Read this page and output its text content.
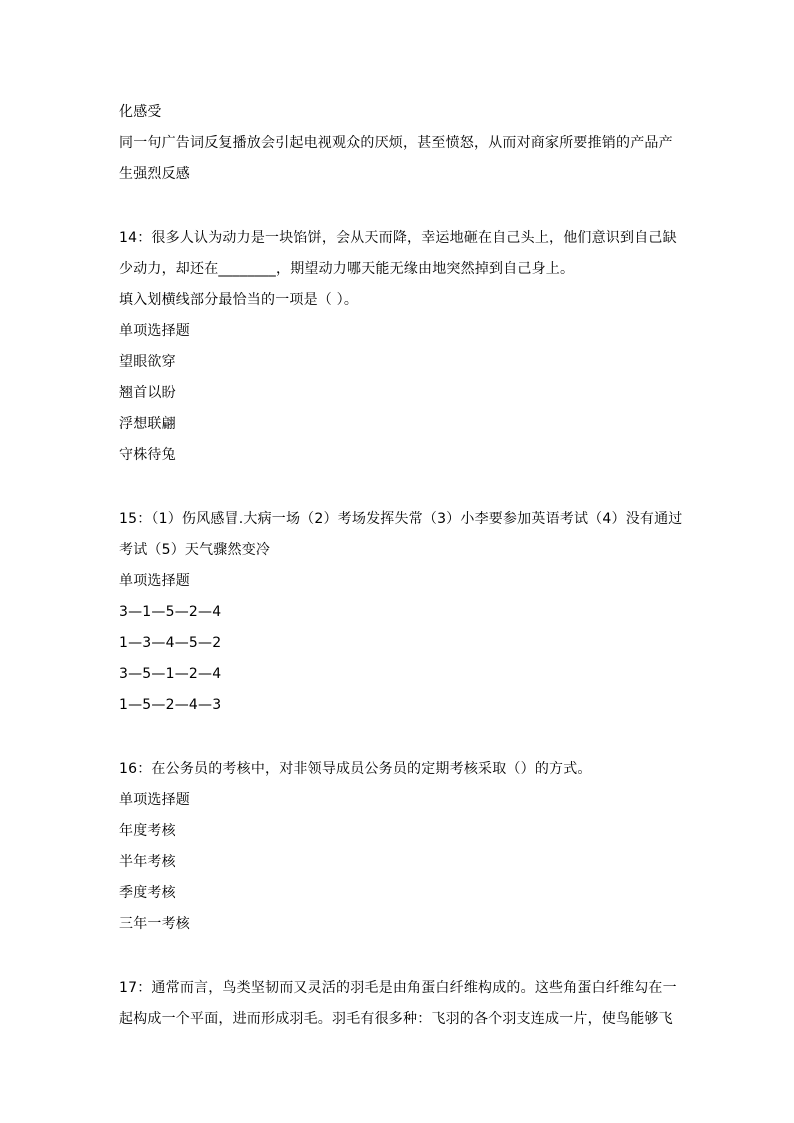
化感受
同一句广告词反复播放会引起电视观众的厌烦，甚至愤怒，从而对商家所要推销的产品产
生强烈反感
14：很多人认为动力是一块馅饼，会从天而降，幸运地砸在自己头上，他们意识到自己缺
少动力，却还在________，期望动力哪天能无缘由地突然掉到自己身上。
填入划横线部分最恰当的一项是（ ）。
单项选择题
望眼欲穿
翘首以盼
浮想联翩
守株待兔
15：（1）伤风感冒.大病一场（2）考场发挥失常（3）小李要参加英语考试（4）没有通过
考试（5）天气骤然变冷
单项选择题
3—1—5—2—4
1—3—4—5—2
3—5—1—2—4
1—5—2—4—3
16：在公务员的考核中，对非领导成员公务员的定期考核采取（）的方式。
单项选择题
年度考核
半年考核
季度考核
三年一考核
17：通常而言，鸟类坚韧而又灵活的羽毛是由角蛋白纤维构成的。这些角蛋白纤维勾在一
起构成一个平面，进而形成羽毛。羽毛有很多种：飞羽的各个羽支连成一片，使鸟能够飞
